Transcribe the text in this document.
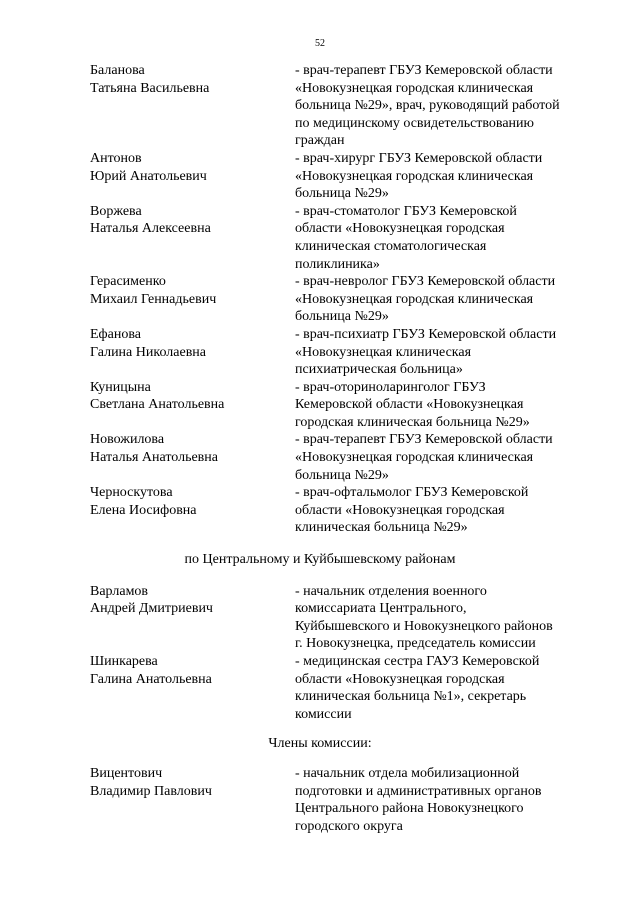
52
Баланова
Татьяна Васильевна
- врач-терапевт ГБУЗ Кемеровской области
«Новокузнецкая городская клиническая
больница №29», врач, руководящий работой
по медицинскому освидетельствованию
граждан
Антонов
Юрий Анатольевич
- врач-хирург ГБУЗ Кемеровской области
«Новокузнецкая городская клиническая
больница №29»
Воржева
Наталья Алексеевна
- врач-стоматолог ГБУЗ Кемеровской
области «Новокузнецкая городская
клиническая стоматологическая
поликлиника»
Герасименко
Михаил Геннадьевич
- врач-невролог ГБУЗ Кемеровской области
«Новокузнецкая городская клиническая
больница №29»
Ефанова
Галина Николаевна
- врач-психиатр ГБУЗ Кемеровской области
«Новокузнецкая клиническая
психиатрическая больница»
Куницына
Светлана Анатольевна
- врач-оториноларинголог ГБУЗ
Кемеровской области «Новокузнецкая
городская клиническая больница №29»
Новожилова
Наталья Анатольевна
- врач-терапевт ГБУЗ Кемеровской области
«Новокузнецкая городская клиническая
больница №29»
Черноскутова
Елена Иосифовна
- врач-офтальмолог ГБУЗ Кемеровской
области «Новокузнецкая городская
клиническая больница №29»
по Центральному и Куйбышевскому районам
Варламов
Андрей Дмитриевич
- начальник отделения военного
комиссариата Центрального,
Куйбышевского и Новокузнецкого районов
г. Новокузнецка, председатель комиссии
Шинкарева
Галина Анатольевна
- медицинская сестра ГАУЗ Кемеровской
области «Новокузнецкая городская
клиническая больница №1», секретарь
комиссии
Члены комиссии:
Вицентович
Владимир Павлович
- начальник отдела мобилизационной
подготовки и административных органов
Центрального района Новокузнецкого
городского округа
